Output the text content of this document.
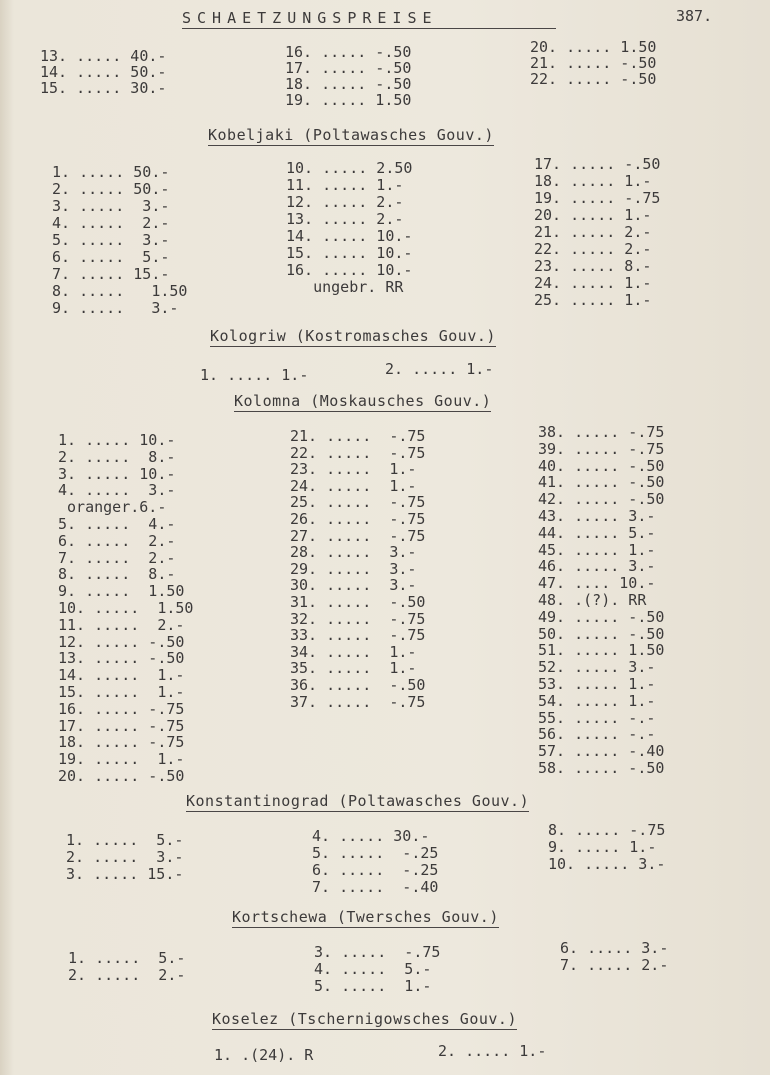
SCHAETZUNGSPREISE	387.
13. ..... 40.-
14. ..... 50.-
15. ..... 30.-
16. ..... -.50
17. ..... -.50
18. ..... -.50
19. ..... 1.50
20. ..... 1.50
21. ..... -.50
22. ..... -.50
Kobeljaki (Poltawasches Gouv.)
1. ..... 50.-
2. ..... 50.-
3. .....  3.-
4. .....  2.-
5. .....  3.-
6. .....  5.-
7. ..... 15.-
8. .....   1.50
9. .....   3.-
10. ..... 2.50
11. ..... 1.-
12. ..... 2.-
13. ..... 2.-
14. ..... 10.-
15. ..... 10.-
16. ..... 10.-
ungebr. RR
17. ..... -.50
18. ..... 1.-
19. ..... -.75
20. ..... 1.-
21. ..... 2.-
22. ..... 2.-
23. ..... 8.-
24. ..... 1.-
25. ..... 1.-
Kologriw (Kostromasches Gouv.)
1. ..... 1.-	2. ..... 1.-
Kolomna (Moskausches Gouv.)
1. ..... 10.-
2. .....  8.-
3. ..... 10.-
4. .....  3.-
oranger.6.-
5. .....  4.-
6. .....  2.-
7. .....  2.-
8. .....  8.-
9. .....  1.50
10. .....  1.50
11. .....  2.-
12. ..... -.50
13. ..... -.50
14. .....  1.-
15. .....  1.-
16. ..... -.75
17. ..... -.75
18. ..... -.75
19. .....  1.-
20. ..... -.50
21. .....  -.75
22. .....  -.75
23. .....  1.-
24. .....  1.-
25. .....  -.75
26. .....  -.75
27. .....  -.75
28. .....  3.-
29. .....  3.-
30. .....  3.-
31. .....  -.50
32. .....  -.75
33. .....  -.75
34. .....  1.-
35. .....  1.-
36. .....  -.50
37. .....  -.75
38. ..... -.75
39. ..... -.75
40. ..... -.50
41. ..... -.50
42. ..... -.50
43. ..... 3.-
44. ..... 5.-
45. ..... 1.-
46. ..... 3.-
47. .... 10.-
48. .(?). RR
49. ..... -.50
50. ..... -.50
51. ..... 1.50
52. ..... 3.-
53. ..... 1.-
54. ..... 1.-
55. ..... -.-
56. ..... -.-
57. ..... -.40
58. ..... -.50
Konstantinograd (Poltawasches Gouv.)
1. .....  5.-
2. .....  3.-
3. ..... 15.-
4. ..... 30.-
5. .....  -.25
6. .....  -.25
7. .....  -.40
8. ..... -.75
9. ..... 1.-
10. ..... 3.-
Kortschewa (Twersches Gouv.)
1. .....  5.-
2. .....  2.-
3. .....  -.75
4. .....  5.-
5. .....  1.-
6. ..... 3.-
7. ..... 2.-
Koselez (Tschernigowsches Gouv.)
1. .(24). R	2. ..... 1.-
